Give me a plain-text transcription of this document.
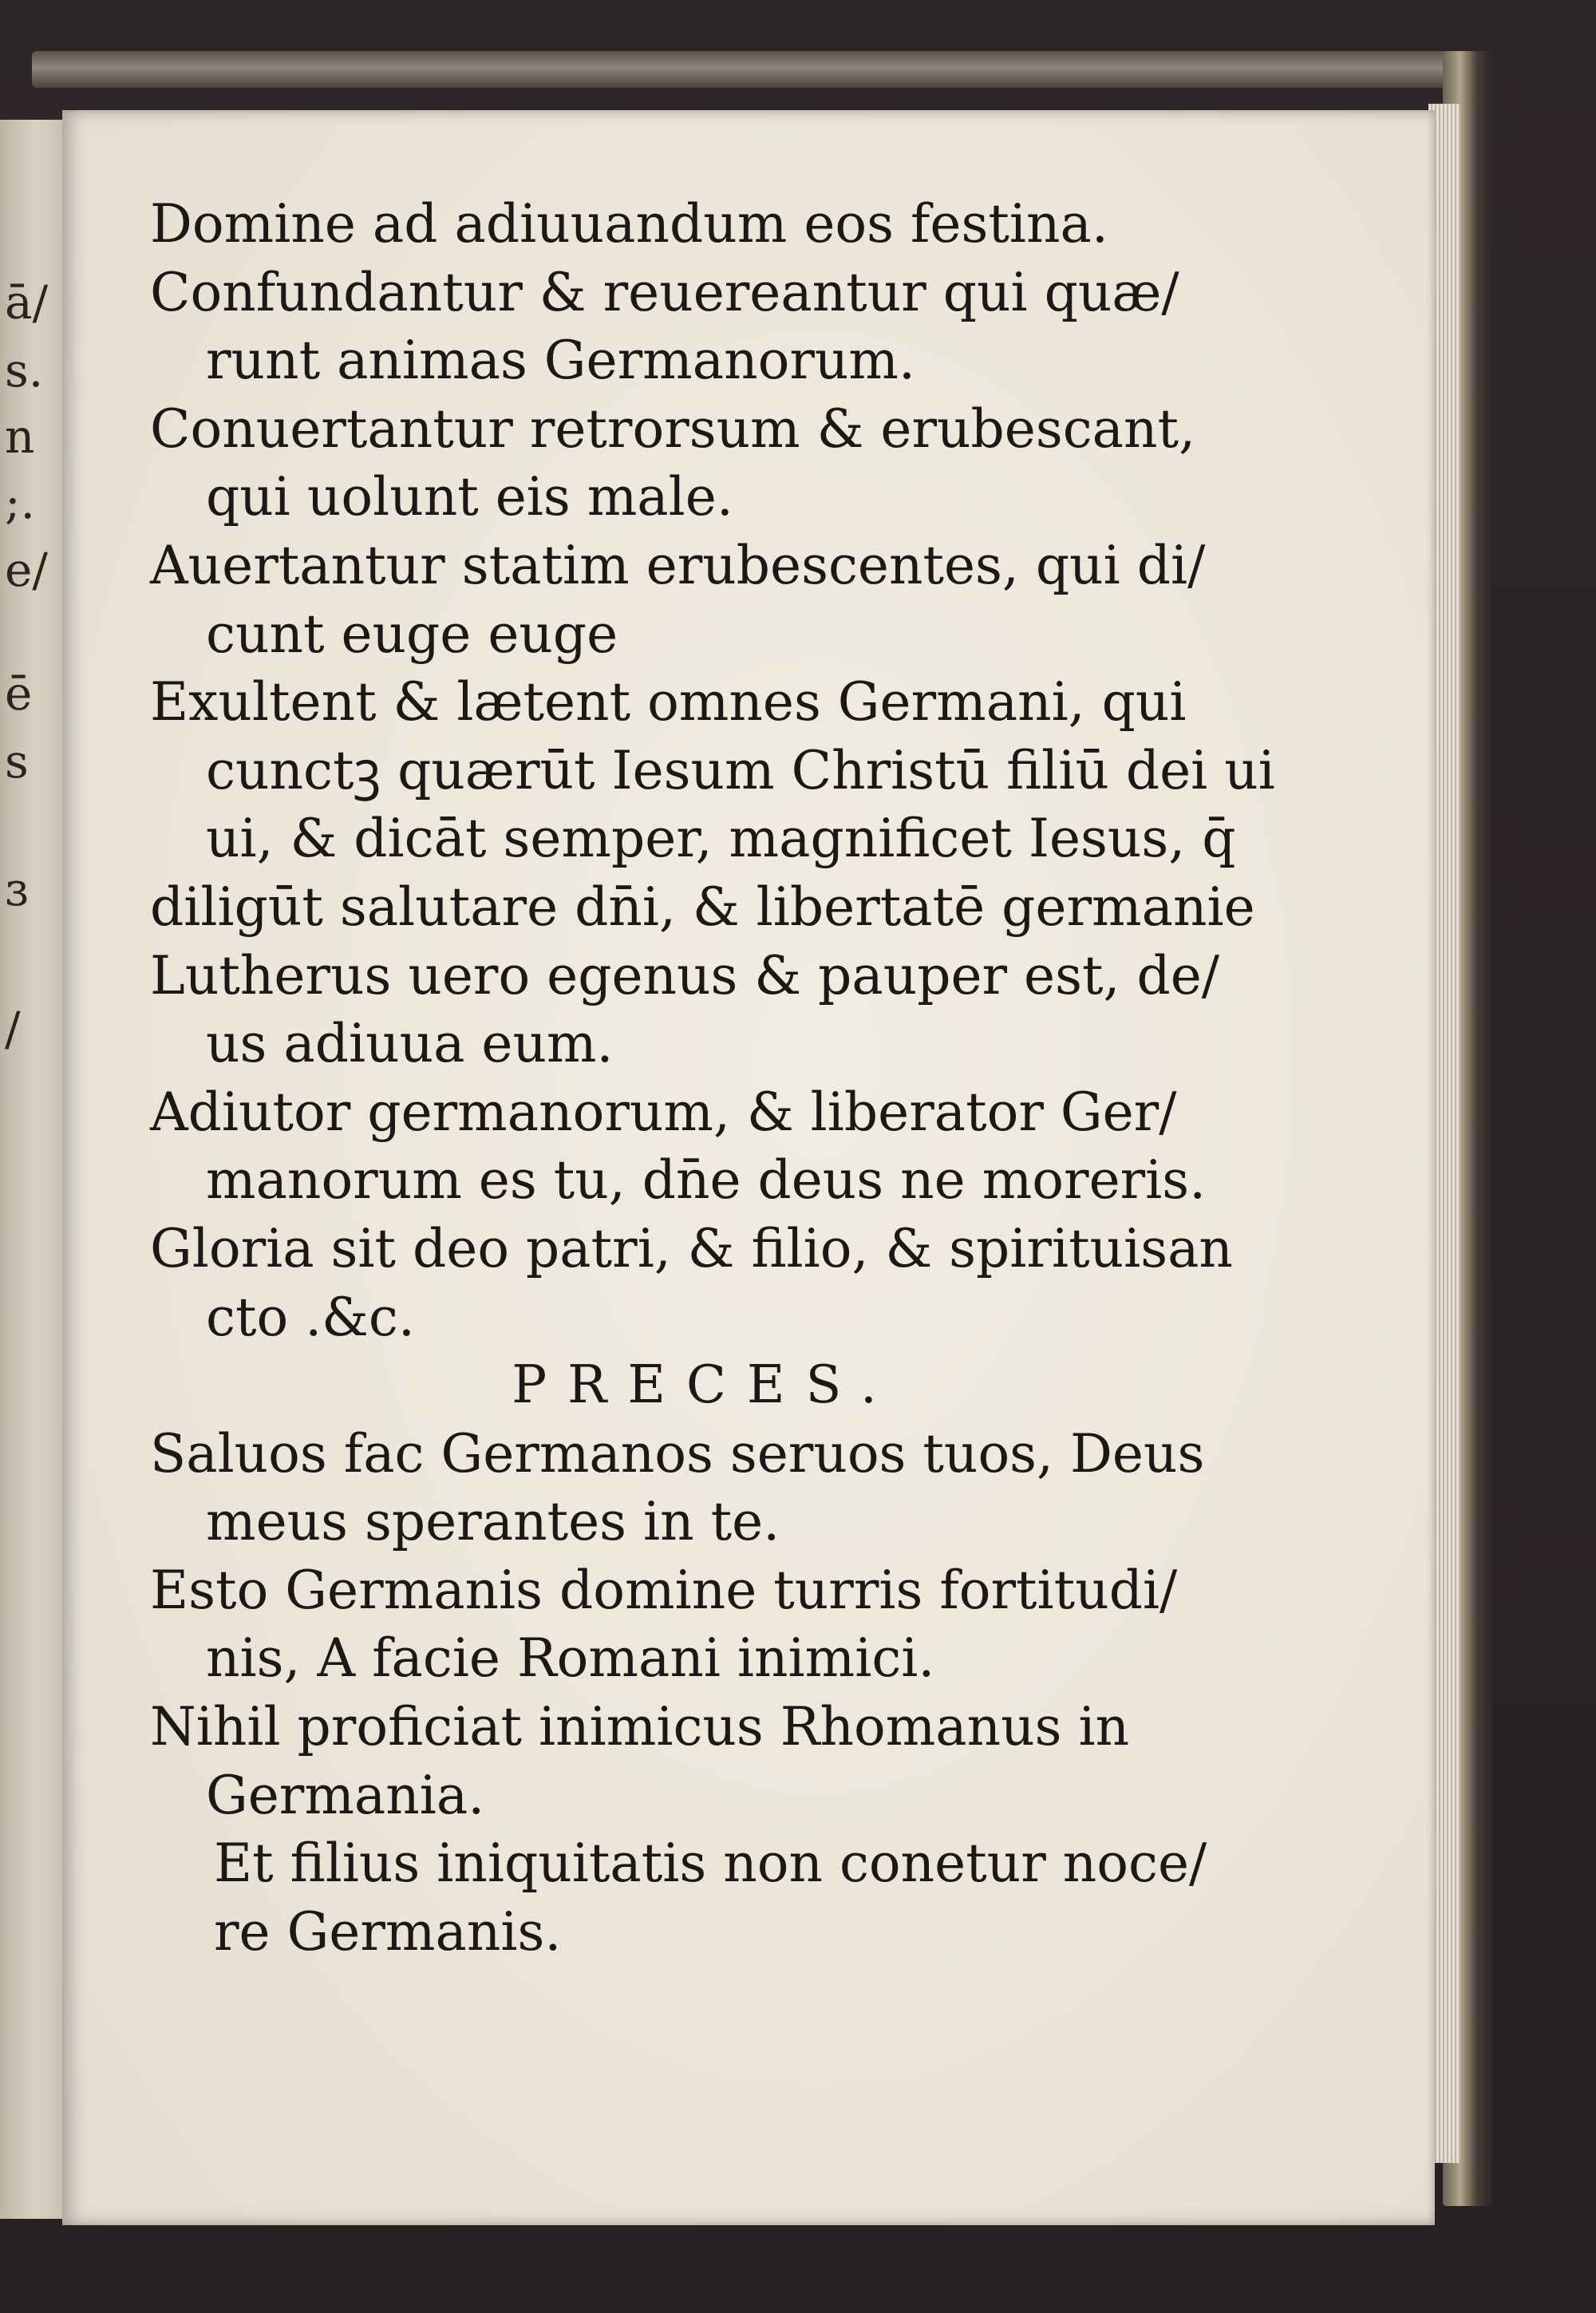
ā/
s.
n
;.
e/
ē
s
ɜ
/
Domine ad adiuuandum eos festina.
Confundantur & reuereantur qui quæ/
runt animas Germanorum.
Conuertantur retrorsum & erubescant,
qui uolunt eis male.
Auertantur statim erubescentes, qui di/
cunt euge euge
Exultent & lætent omnes Germani, qui
cunctꝫ quærūt Iesum Christū filiū dei ui
ui, & dicāt semper, magnificet Iesus, q̄
diligūt salutare dn̄i, & libertatē germanie
Lutherus uero egenus & pauper est, de/
us adiuua eum.
Adiutor germanorum, & liberator Ger/
manorum es tu, dn̄e deus ne moreris.
Gloria sit deo patri, & filio, & spirituisan
cto .&c.
PRECES.
Saluos fac Germanos seruos tuos, Deus
meus sperantes in te.
Esto Germanis domine turris fortitudi/
nis, A facie Romani inimici.
Nihil proficiat inimicus Rhomanus in
Germania.
Et filius iniquitatis non conetur noce/
re Germanis.
